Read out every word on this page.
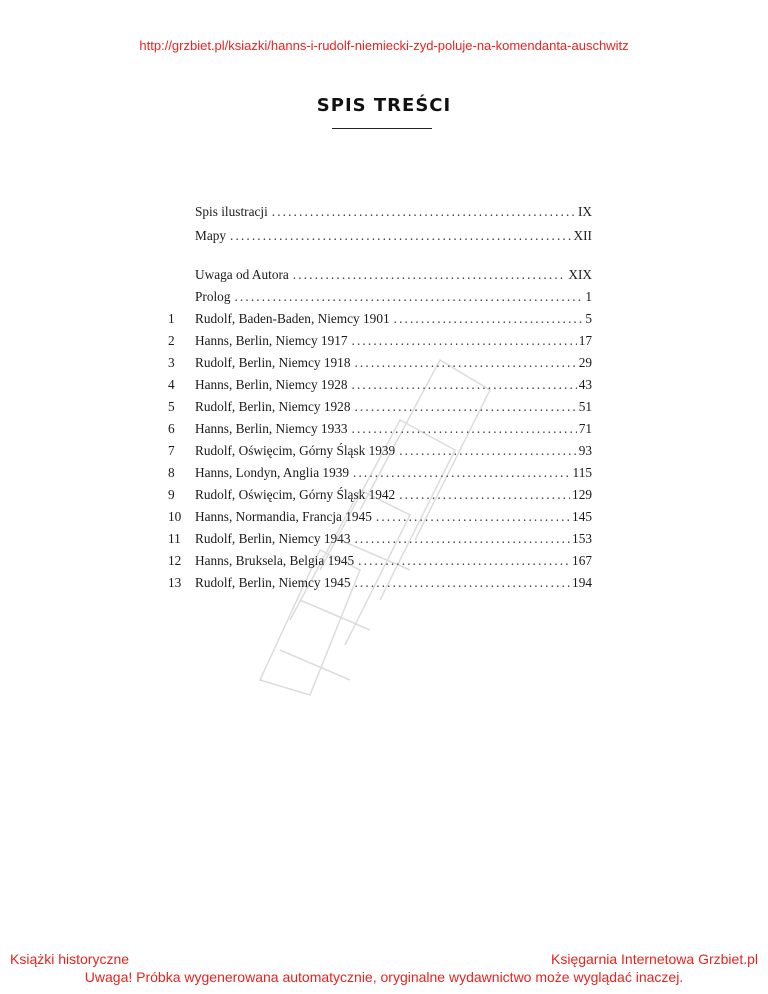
http://grzbiet.pl/ksiazki/hanns-i-rudolf-niemiecki-zyd-poluje-na-komendanta-auschwitz
SPIS TREŚCI
Spis ilustracji . . .	IX
Mapy . . .	XII
Uwaga od Autora . . .	XIX
Prolog . . .	1
1	Rudolf, Baden-Baden, Niemcy 1901 . . .	5
2	Hanns, Berlin, Niemcy 1917 . . .	17
3	Rudolf, Berlin, Niemcy 1918 . . .	29
4	Hanns, Berlin, Niemcy 1928 . . .	43
5	Rudolf, Berlin, Niemcy 1928 . . .	51
6	Hanns, Berlin, Niemcy 1933 . . .	71
7	Rudolf, Oświęcim, Górny Śląsk 1939 . . .	93
8	Hanns, Londyn, Anglia 1939 . . .	115
9	Rudolf, Oświęcim, Górny Śląsk 1942 . . .	129
10	Hanns, Normandia, Francja 1945 . . .	145
11	Rudolf, Berlin, Niemcy 1943 . . .	153
12	Hanns, Bruksela, Belgia 1945 . . .	167
13	Rudolf, Berlin, Niemcy 1945 . . .	194
Książki historyczne	Księgarnia Internetowa Grzbiet.pl
Uwaga! Próbka wygenerowana automatycznie, oryginalne wydawnictwo może wyglądać inaczej.
